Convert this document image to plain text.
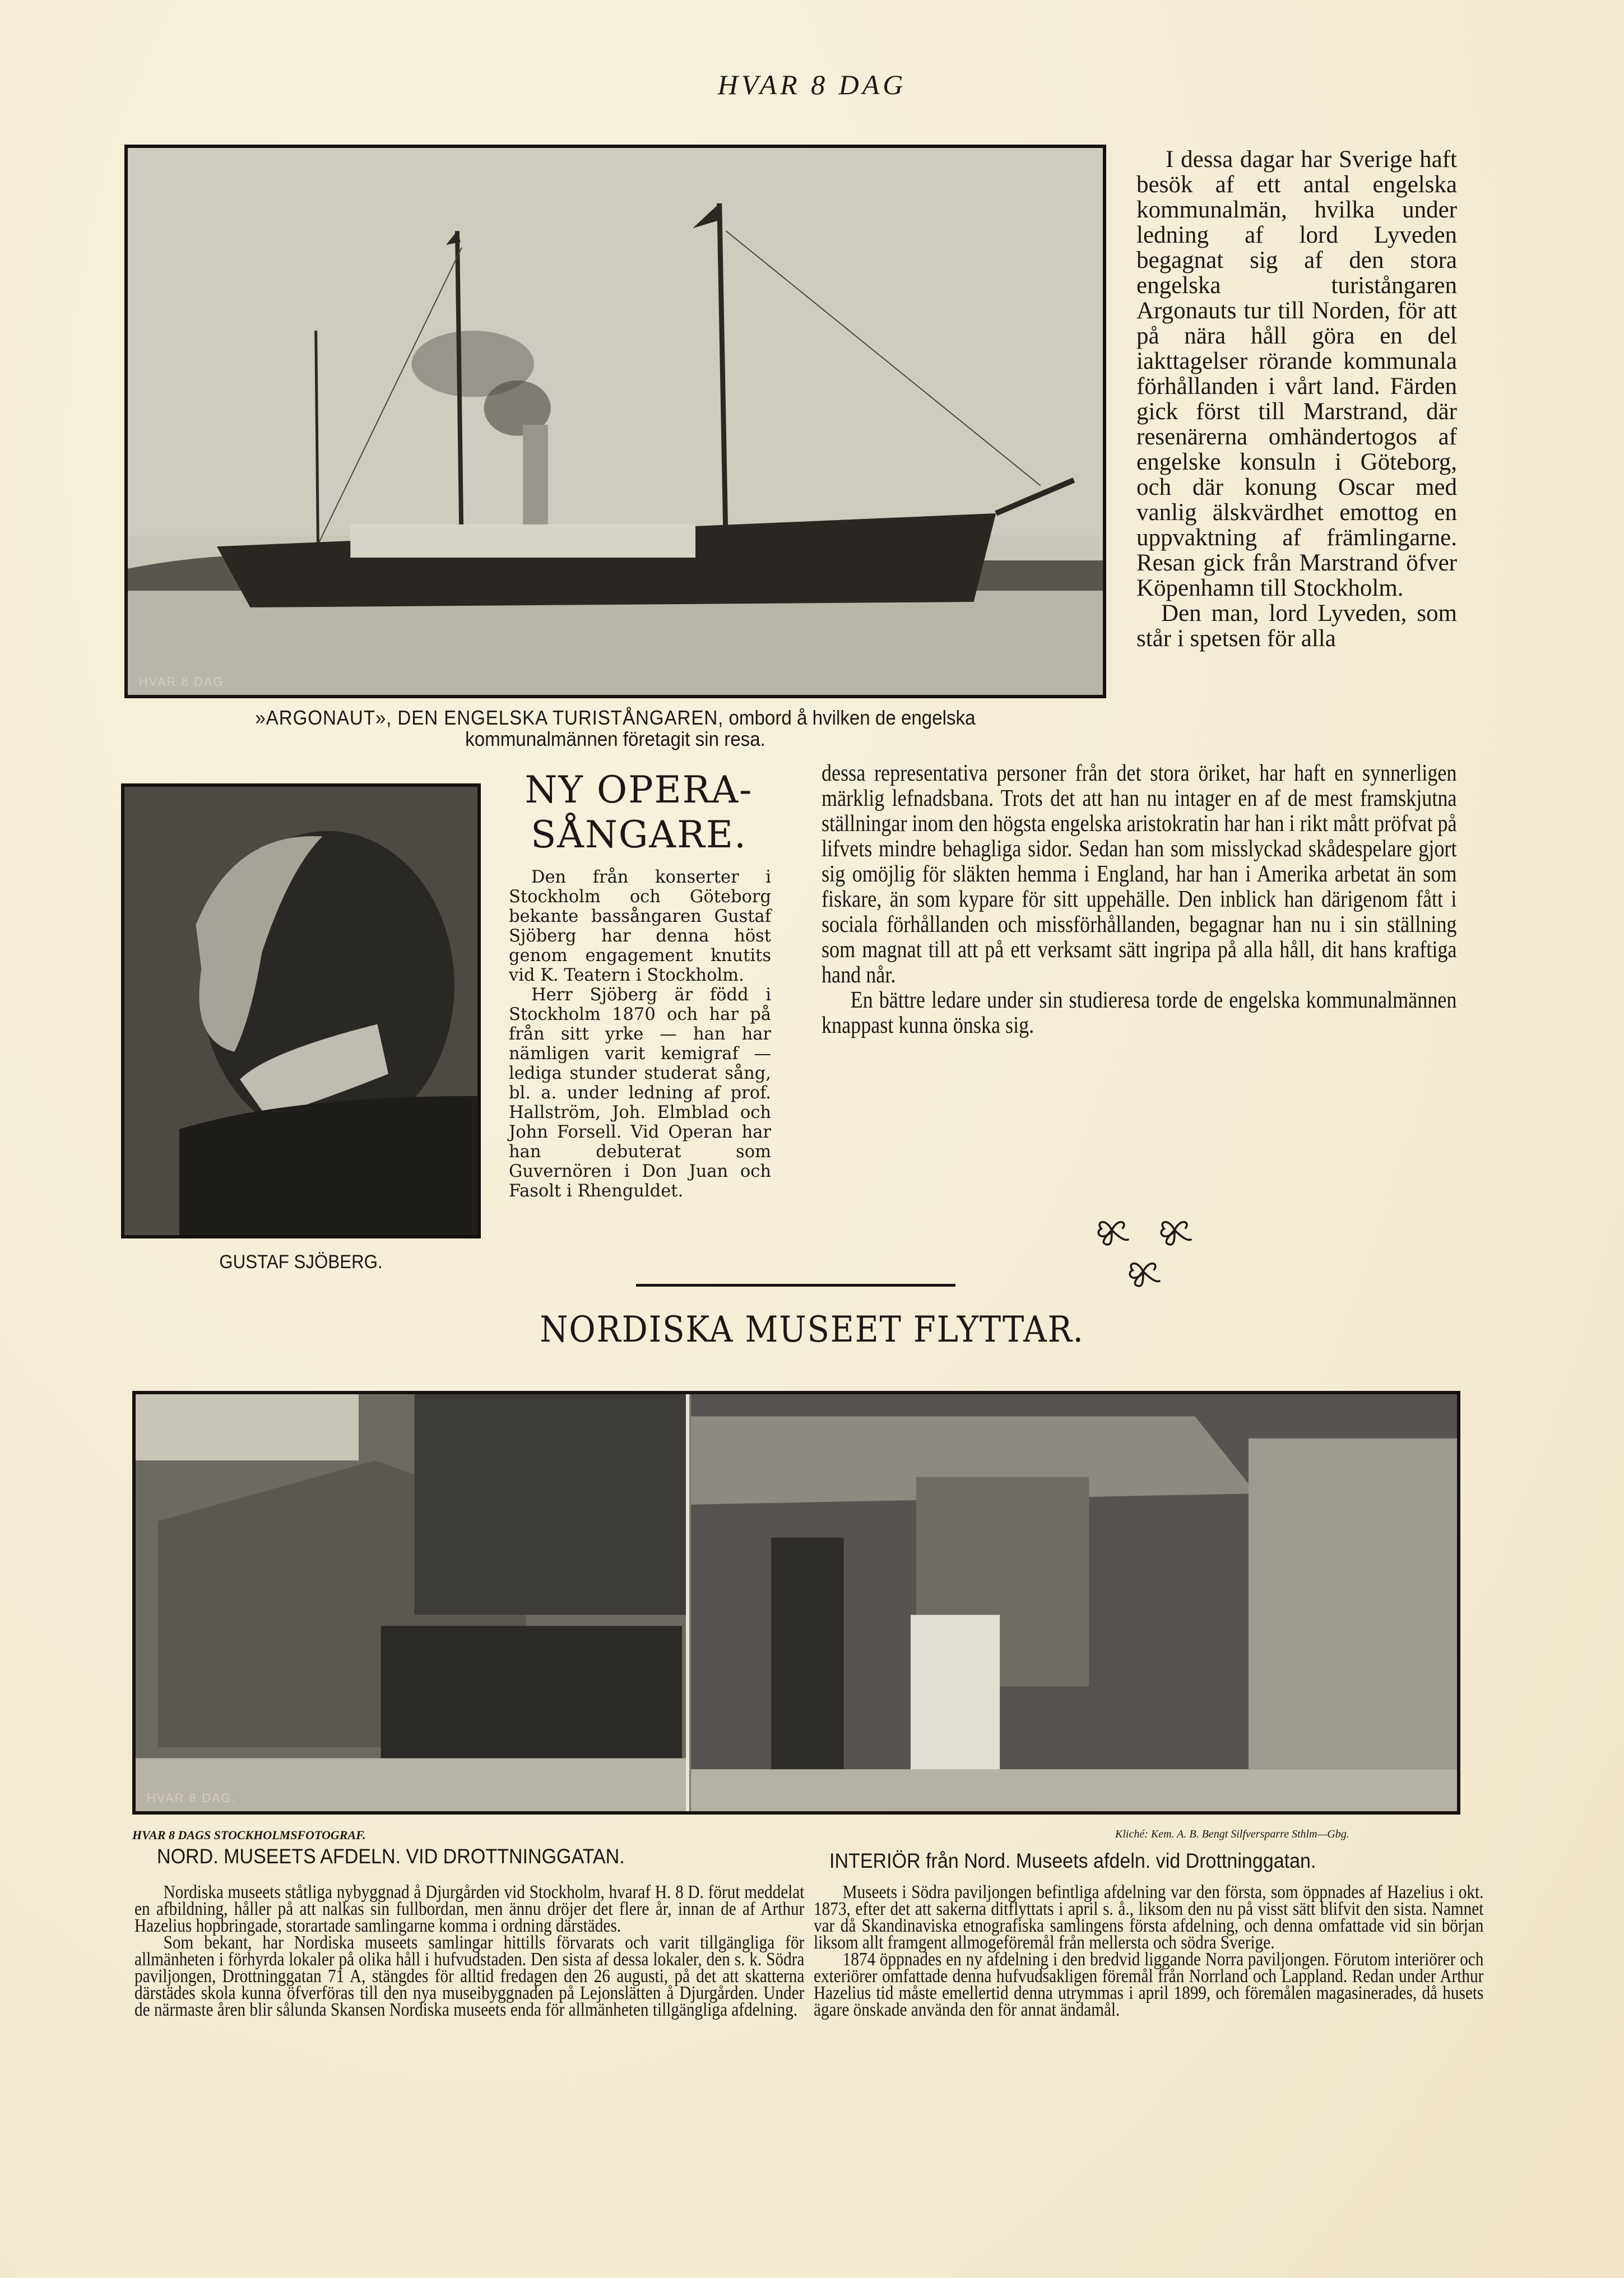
HVAR 8 DAG
HVAR 8 DAG.
»ARGONAUT», DEN ENGELSKA TURISTÅNGAREN, ombord å hvilken de engelska
kommunalmännen företagit sin resa.

I dessa dagar har Sverige haft besök af ett antal engelska kommunalmän, hvilka under ledning af lord Lyveden begagnat sig af den stora engelska turistångaren Argonauts tur till Norden, för att på nära håll göra en del iakttagelser rörande kommunala förhållanden i vårt land. Färden gick först till Marstrand, där resenärerna omhändertogos af engelske konsuln i Göteborg, och där konung Oscar med vanlig älskvärdhet emottog en uppvaktning af främlingarne. Resan gick från Marstrand öfver Köpenhamn till Stockholm.

Den man, lord Lyveden, som står i spetsen för alla

dessa representativa personer från det stora öriket, har haft en synnerligen märklig lefnadsbana. Trots det att han nu intager en af de mest framskjutna ställningar inom den högsta engelska aristokratin har han i rikt mått pröfvat på lifvets mindre behagliga sidor. Sedan han som misslyckad skådespelare gjort sig omöjlig för släkten hemma i England, har han i Amerika arbetat än som fiskare, än som kypare för sitt uppehälle. Den inblick han därigenom fått i sociala förhållanden och missförhållanden, begagnar han nu i sin ställning som magnat till att på ett verksamt sätt ingripa på alla håll, dit hans kraftiga hand når.

En bättre ledare under sin studieresa torde de engelska kommunalmännen knappast kunna önska sig.

GUSTAF SJÖBERG.
NY OPERA-
SÅNGARE.

Den från konserter i Stockholm och Göteborg bekante bassångaren Gustaf Sjöberg har denna höst genom engagement knutits vid K. Teatern i Stockholm.

Herr Sjöberg är född i Stockholm 1870 och har på från sitt yrke — han har nämligen varit kemigraf — lediga stunder studerat sång, bl. a. under ledning af prof. Hallström, Joh. Elmblad och John Forsell. Vid Operan har han debuterat som Guvernören i Don Juan och Fasolt i Rhenguldet.

NORDISKA MUSEET FLYTTAR.
HVAR 8 DAG.
HVAR 8 DAGS STOCKHOLMSFOTOGRAF.
NORD. MUSEETS AFDELN. VID DROTTNINGGATAN.

Nordiska museets ståtliga nybyggnad å Djurgården vid Stockholm, hvaraf H. 8 D. förut meddelat en afbildning, håller på att nalkas sin fullbordan, men ännu dröjer det flere år, innan de af Arthur Hazelius hopbringade, storartade samlingarne komma i ordning därstädes.

Som bekant, har Nordiska museets samlingar hittills förvarats och varit tillgängliga för allmänheten i förhyrda lokaler på olika håll i hufvudstaden. Den sista af dessa lokaler, den s. k. Södra paviljongen, Drottninggatan 71 A, stängdes för alltid fredagen den 26 augusti, på det att skatterna därstädes skola kunna öfverföras till den nya museibyggnaden på Lejonslätten å Djurgården. Under de närmaste åren blir sålunda Skansen Nordiska museets enda för allmänheten tillgängliga afdelning.

Kliché: Kem. A. B. Bengt Silfversparre Sthlm—Gbg.
INTERIÖR från Nord. Museets afdeln. vid Drottninggatan.

Museets i Södra paviljongen befintliga afdelning var den första, som öppnades af Hazelius i okt. 1873, efter det att sakerna ditflyttats i april s. å., liksom den nu på visst sätt blifvit den sista. Namnet var då Skandinaviska etnografiska samlingens första afdelning, och denna omfattade vid sin början liksom allt framgent allmogeföremål från mellersta och södra Sverige.

1874 öppnades en ny afdelning i den bredvid liggande Norra paviljongen. Förutom interiörer och exteriörer omfattade denna hufvudsakligen föremål från Norrland och Lappland. Redan under Arthur Hazelius tid måste emellertid denna utrymmas i april 1899, och föremålen magasinerades, då husets ägare önskade använda den för annat ändamål.
